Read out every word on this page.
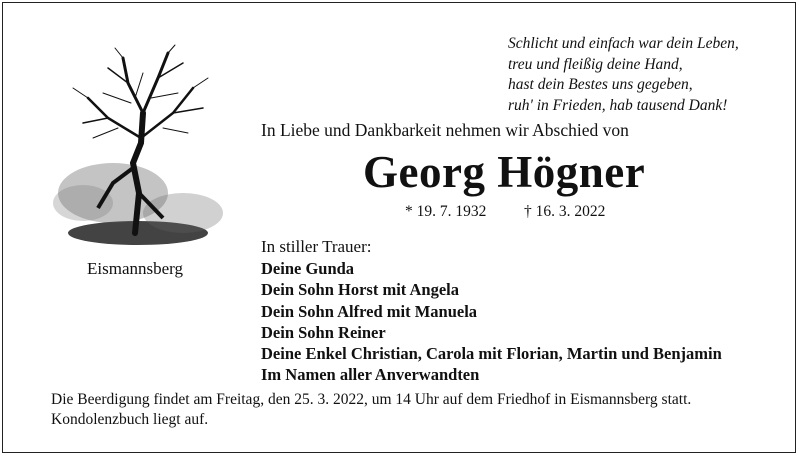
Eismannsberg
Schlicht und einfach war dein Leben,
treu und fleißig deine Hand,
hast dein Bestes uns gegeben,
ruh' in Frieden, hab tausend Dank!
In Liebe und Dankbarkeit nehmen wir Abschied von
Georg Högner
* 19. 7. 1932 † 16. 3. 2022
In stiller Trauer:
Deine Gunda
Dein Sohn Horst mit Angela
Dein Sohn Alfred mit Manuela
Dein Sohn Reiner
Deine Enkel Christian, Carola mit Florian, Martin und Benjamin
Im Namen aller Anverwandten
Die Beerdigung findet am Freitag, den 25. 3. 2022, um 14 Uhr auf dem Friedhof in Eismannsberg statt.
Kondolenzbuch liegt auf.
